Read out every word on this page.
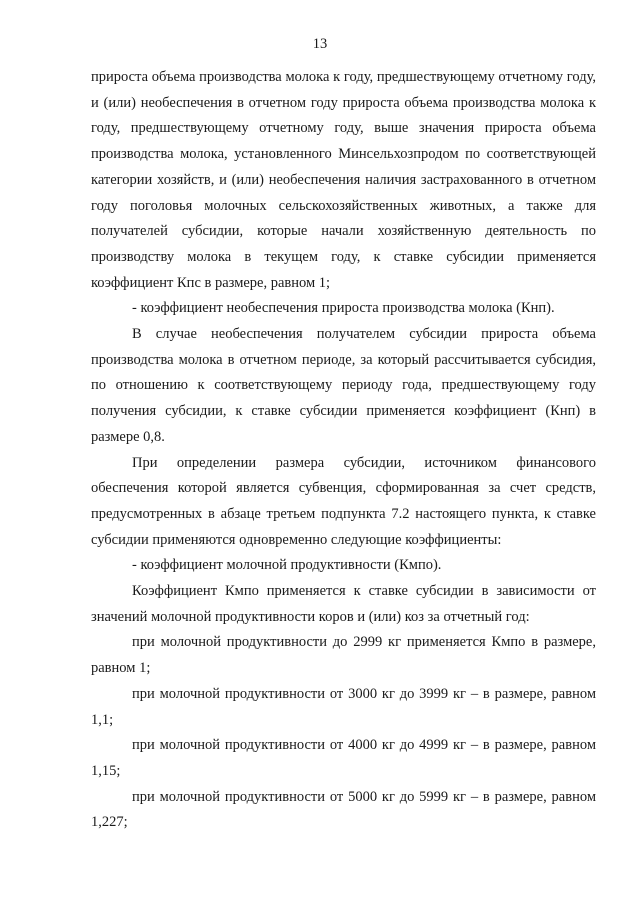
13

прироста объема производства молока к году, предшествующему отчетному году, и (или) необеспечения в отчетном году прироста объема производства молока к году, предшествующему отчетному году, выше значения прироста объема производства молока, установленного Минсельхозпродом по соответствующей категории хозяйств, и (или) необеспечения наличия застрахованного в отчетном году поголовья молочных сельскохозяйственных животных, а также для получателей субсидии, которые начали хозяйственную деятельность по производству молока в текущем году, к ставке субсидии применяется коэффициент Кпс в размере, равном 1;

- коэффициент необеспечения прироста производства молока (Кнп).

В случае необеспечения получателем субсидии прироста объема производства молока в отчетном периоде, за который рассчитывается субсидия, по отношению к соответствующему периоду года, предшествующему году получения субсидии, к ставке субсидии применяется коэффициент (Кнп) в размере 0,8.

При определении размера субсидии, источником финансового обеспечения которой является субвенция, сформированная за счет средств, предусмотренных в абзаце третьем подпункта 7.2 настоящего пункта, к ставке субсидии применяются одновременно следующие коэффициенты:

- коэффициент молочной продуктивности (Кмпо).

Коэффициент Кмпо применяется к ставке субсидии в зависимости от значений молочной продуктивности коров и (или) коз за отчетный год:

при молочной продуктивности до 2999 кг применяется Кмпо в размере, равном 1;

при молочной продуктивности от 3000 кг до 3999 кг – в размере, равном 1,1;

при молочной продуктивности от 4000 кг до 4999 кг – в размере, равном 1,15;

при молочной продуктивности от 5000 кг до 5999 кг – в размере, равном 1,227;
